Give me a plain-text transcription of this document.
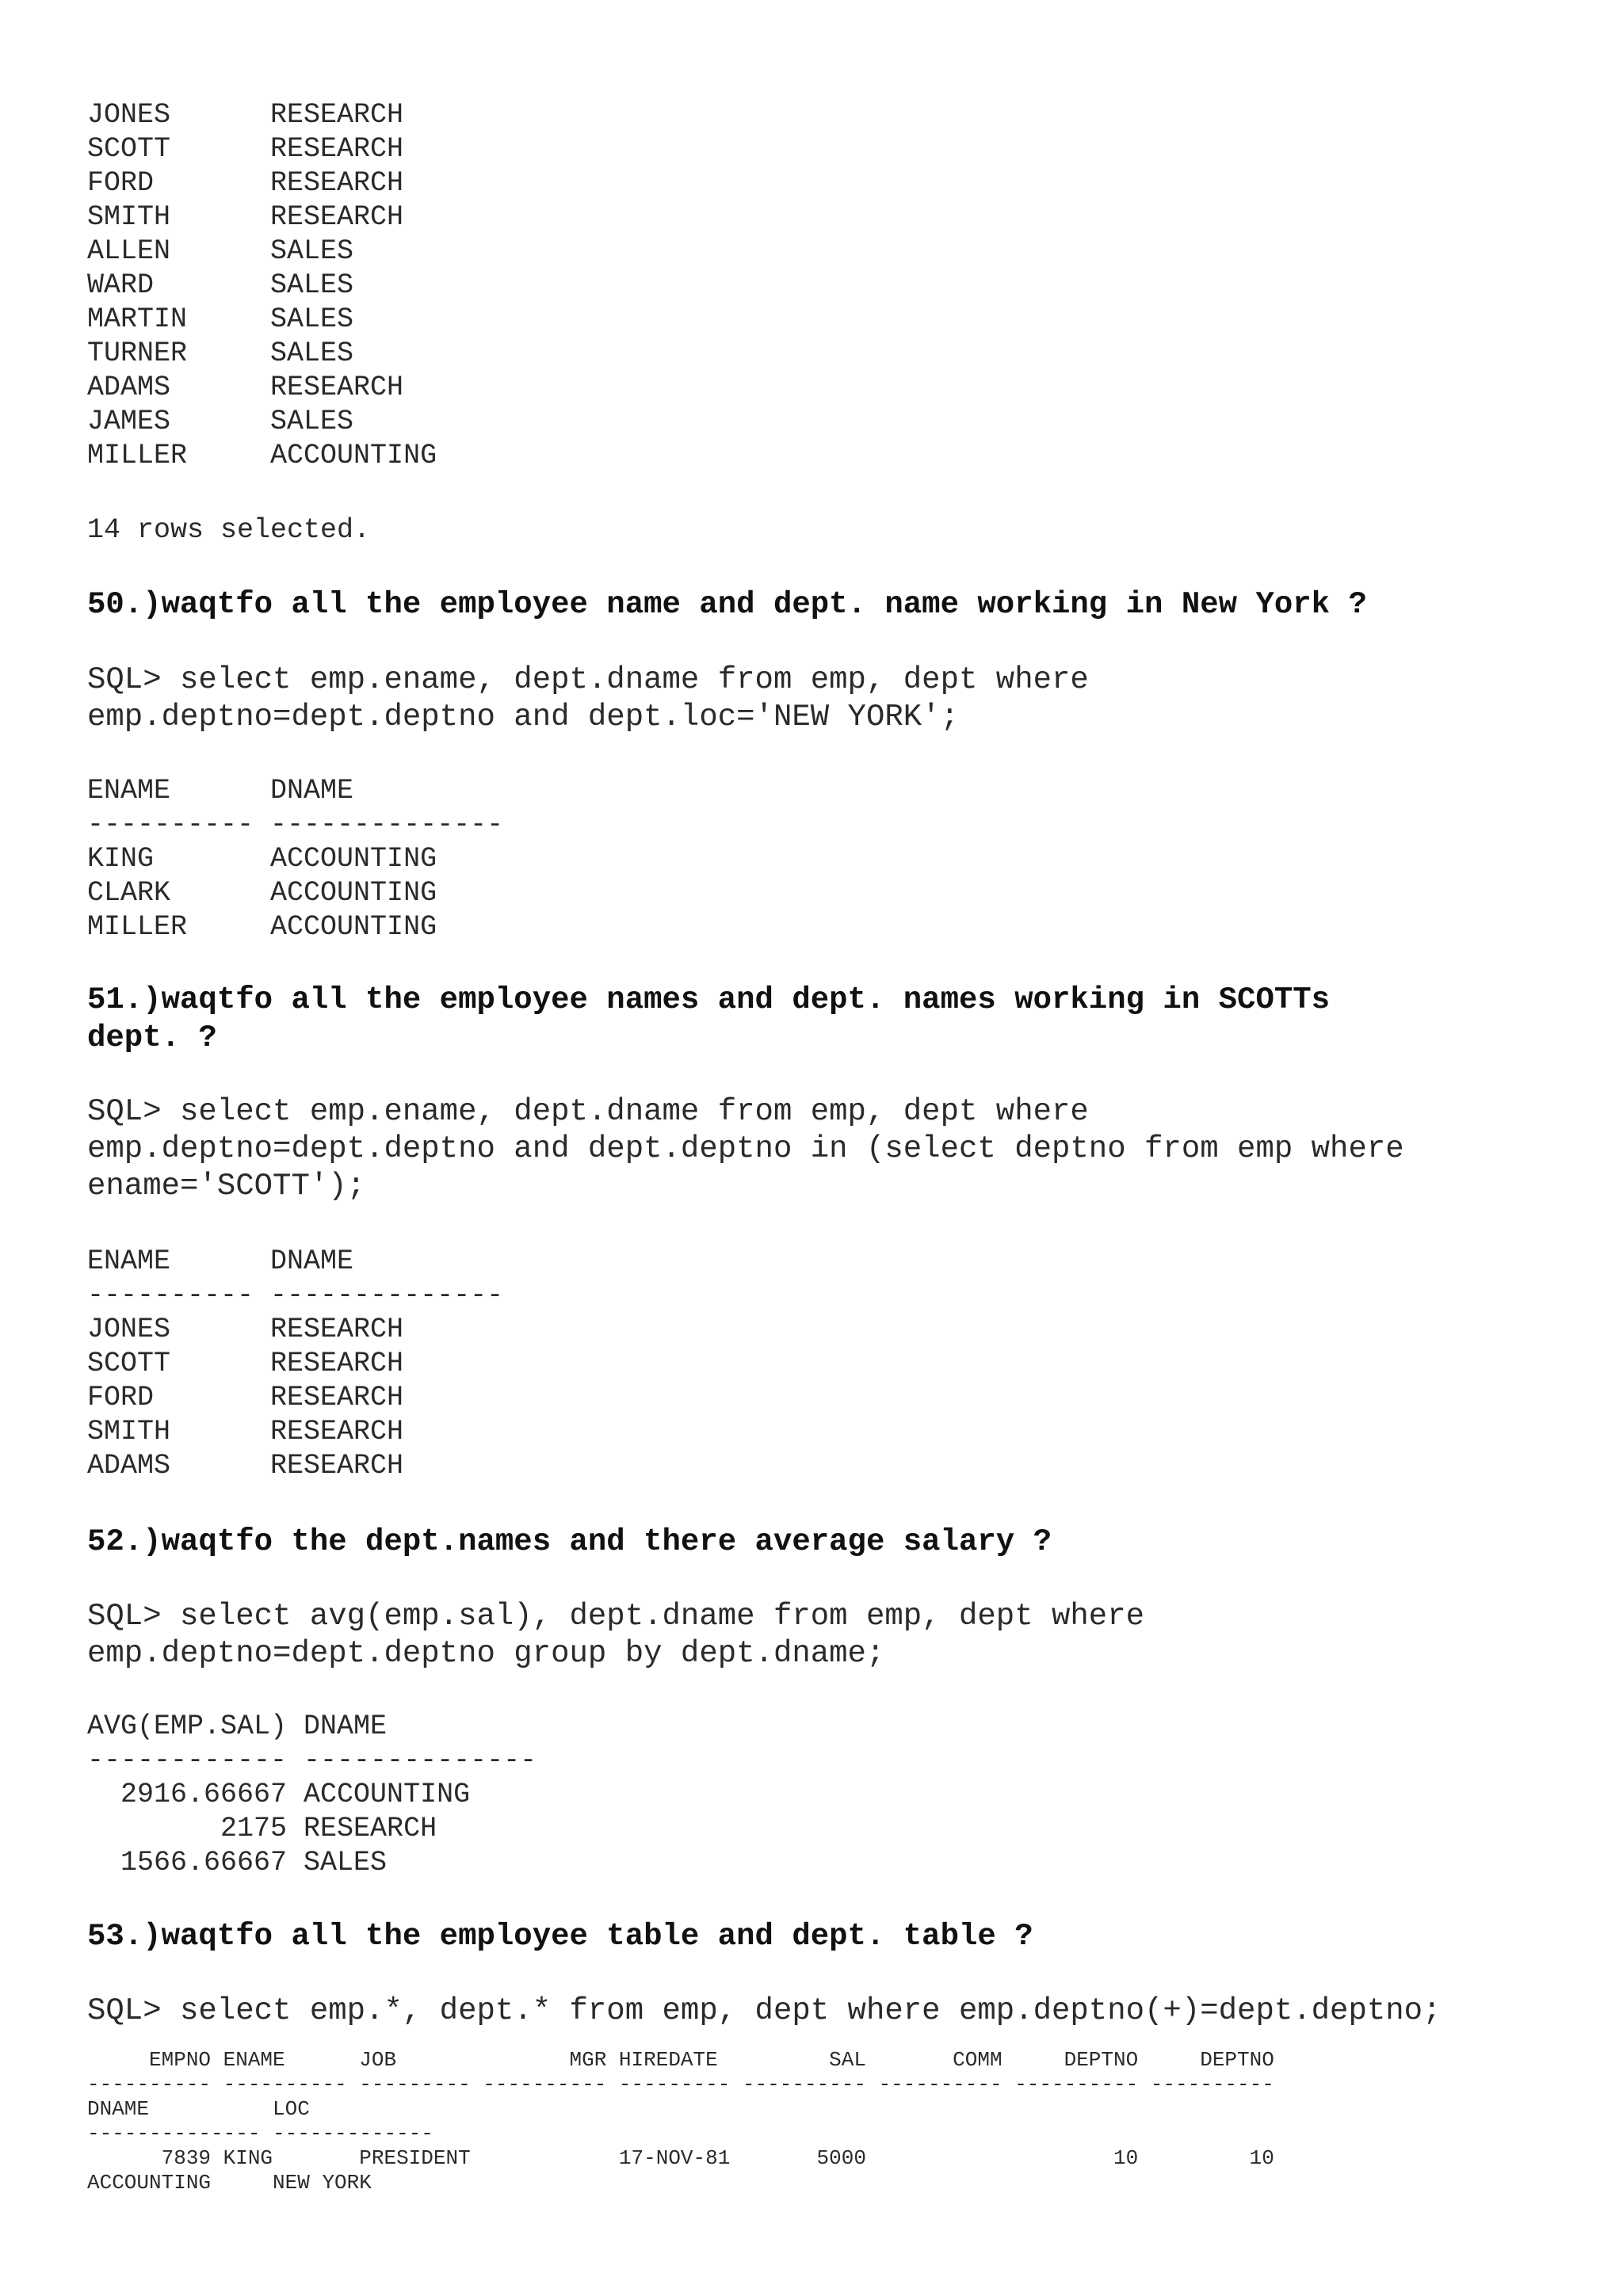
JONES      RESEARCH
SCOTT      RESEARCH
FORD       RESEARCH
SMITH      RESEARCH
ALLEN      SALES
WARD       SALES
MARTIN     SALES
TURNER     SALES
ADAMS      RESEARCH
JAMES      SALES
MILLER     ACCOUNTING
14 rows selected.
50.)waqtfo all the employee name and dept. name working in New York ?
SQL> select emp.ename, dept.dname from emp, dept where
emp.deptno=dept.deptno and dept.loc='NEW YORK';
ENAME      DNAME
---------- --------------
KING       ACCOUNTING
CLARK      ACCOUNTING
MILLER     ACCOUNTING
51.)waqtfo all the employee names and dept. names working in SCOTTs
dept. ?
SQL> select emp.ename, dept.dname from emp, dept where
emp.deptno=dept.deptno and dept.deptno in (select deptno from emp where
ename='SCOTT');
ENAME      DNAME
---------- --------------
JONES      RESEARCH
SCOTT      RESEARCH
FORD       RESEARCH
SMITH      RESEARCH
ADAMS      RESEARCH
52.)waqtfo the dept.names and there average salary ?
SQL> select avg(emp.sal), dept.dname from emp, dept where
emp.deptno=dept.deptno group by dept.dname;
AVG(EMP.SAL) DNAME
------------ --------------
2916.66667 ACCOUNTING
2175 RESEARCH
1566.66667 SALES
53.)waqtfo all the employee table and dept. table ?
SQL> select emp.*, dept.* from emp, dept where emp.deptno(+)=dept.deptno;
EMPNO ENAME      JOB              MGR HIREDATE         SAL       COMM     DEPTNO     DEPTNO
---------- ---------- --------- ---------- --------- ---------- ---------- ---------- ----------
DNAME          LOC
-------------- -------------
7839 KING       PRESIDENT            17-NOV-81       5000                    10         10
ACCOUNTING     NEW YORK
